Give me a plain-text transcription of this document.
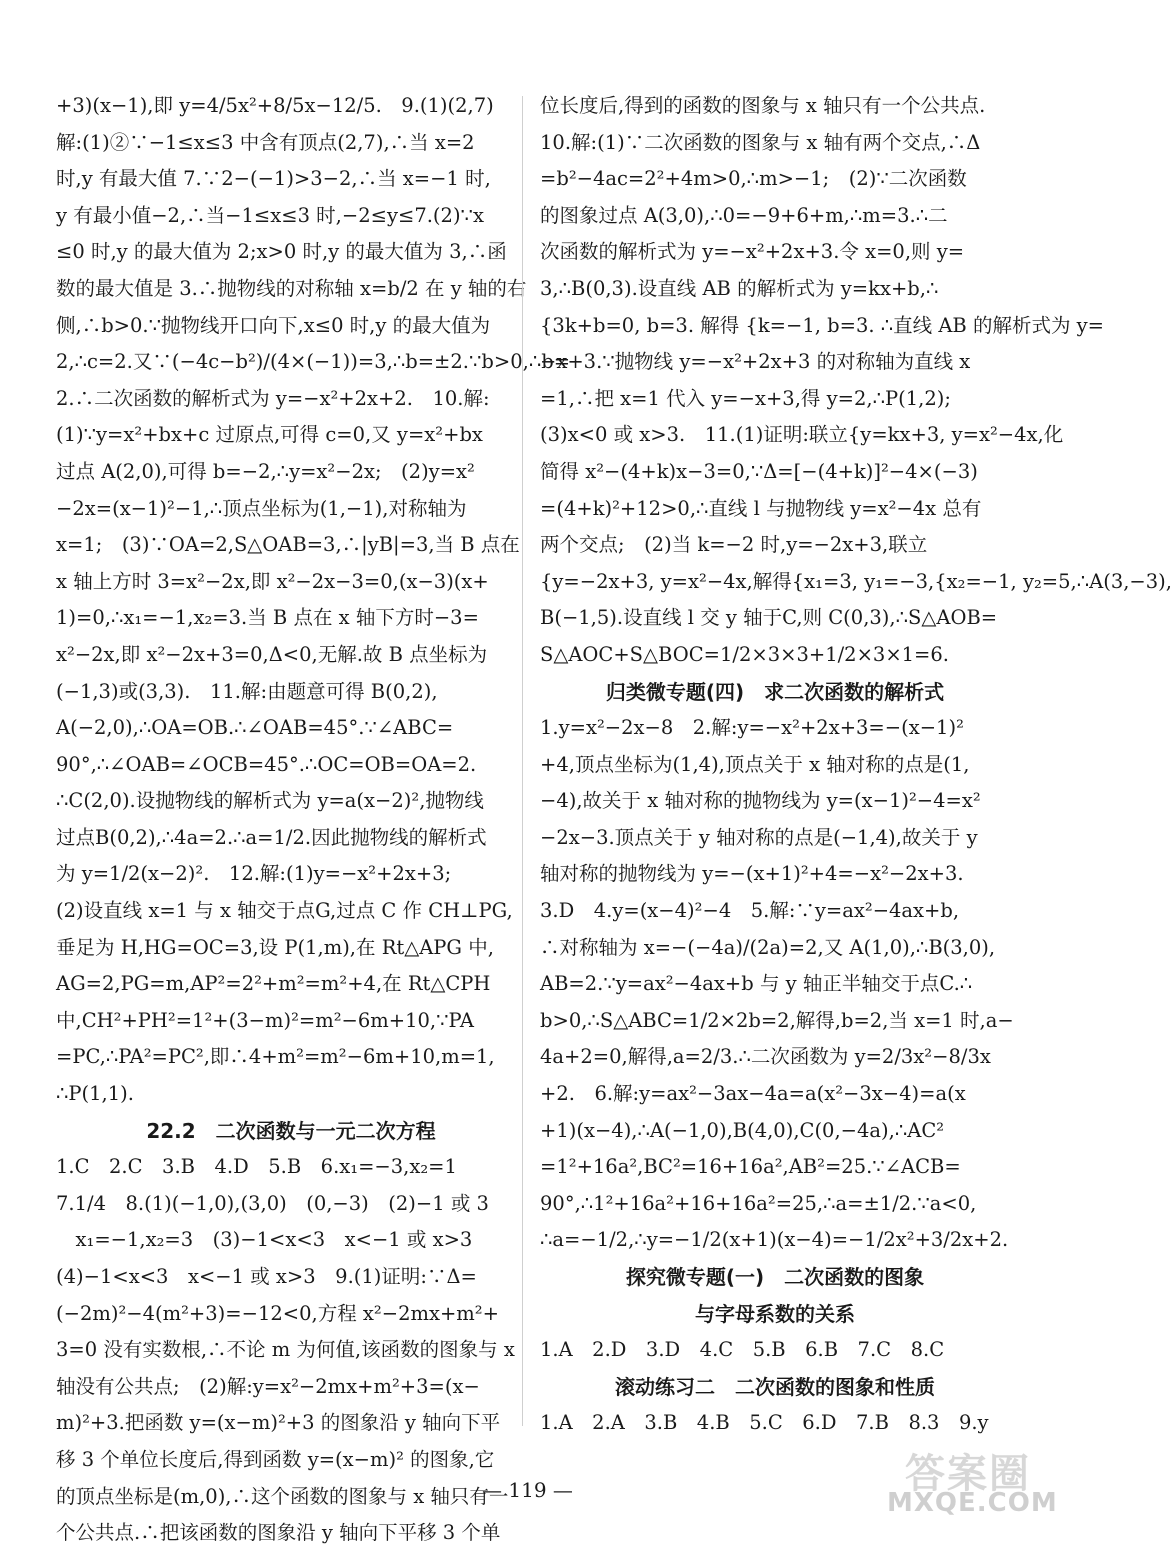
+3)(x−1),即 y=4/5x²+8/5x−12/5.　9.(1)(2,7)
解:(1)②∵−1≤x≤3 中含有顶点(2,7),∴当 x=2
时,y 有最大值 7.∵2−(−1)>3−2,∴当 x=−1 时,
y 有最小值−2,∴当−1≤x≤3 时,−2≤y≤7.(2)∵x
≤0 时,y 的最大值为 2;x>0 时,y 的最大值为 3,∴函
数的最大值是 3.∴抛物线的对称轴 x=b/2 在 y 轴的右
侧,∴b>0.∵抛物线开口向下,x≤0 时,y 的最大值为
2,∴c=2.又∵(−4c−b²)/(4×(−1))=3,∴b=±2.∵b>0,∴b=
2.∴二次函数的解析式为 y=−x²+2x+2.　10.解:
(1)∵y=x²+bx+c 过原点,可得 c=0,又 y=x²+bx
过点 A(2,0),可得 b=−2,∴y=x²−2x;　(2)y=x²
−2x=(x−1)²−1,∴顶点坐标为(1,−1),对称轴为
x=1;　(3)∵OA=2,S△OAB=3,∴|yB|=3,当 B 点在
x 轴上方时 3=x²−2x,即 x²−2x−3=0,(x−3)(x+
1)=0,∴x₁=−1,x₂=3.当 B 点在 x 轴下方时−3=
x²−2x,即 x²−2x+3=0,Δ<0,无解.故 B 点坐标为
(−1,3)或(3,3).　11.解:由题意可得 B(0,2),
A(−2,0),∴OA=OB.∴∠OAB=45°.∵∠ABC=
90°,∴∠OAB=∠OCB=45°.∴OC=OB=OA=2.
∴C(2,0).设抛物线的解析式为 y=a(x−2)²,抛物线
过点B(0,2),∴4a=2.∴a=1/2.因此抛物线的解析式
为 y=1/2(x−2)².　12.解:(1)y=−x²+2x+3;
(2)设直线 x=1 与 x 轴交于点G,过点 C 作 CH⊥PG,
垂足为 H,HG=OC=3,设 P(1,m),在 Rt△APG 中,
AG=2,PG=m,AP²=2²+m²=m²+4,在 Rt△CPH
中,CH²+PH²=1²+(3−m)²=m²−6m+10,∵PA
=PC,∴PA²=PC²,即∴4+m²=m²−6m+10,m=1,
∴P(1,1).
22.2　二次函数与一元二次方程
1.C　2.C　3.B　4.D　5.B　6.x₁=−3,x₂=1
7.1/4　8.(1)(−1,0),(3,0)　(0,−3)　(2)−1 或 3
　x₁=−1,x₂=3　(3)−1<x<3　x<−1 或 x>3
(4)−1<x<3　x<−1 或 x>3　9.(1)证明:∵Δ=
(−2m)²−4(m²+3)=−12<0,方程 x²−2mx+m²+
3=0 没有实数根,∴不论 m 为何值,该函数的图象与 x
轴没有公共点;　(2)解:y=x²−2mx+m²+3=(x−
m)²+3.把函数 y=(x−m)²+3 的图象沿 y 轴向下平
移 3 个单位长度后,得到函数 y=(x−m)² 的图象,它
的顶点坐标是(m,0),∴这个函数的图象与 x 轴只有一
个公共点.∴把该函数的图象沿 y 轴向下平移 3 个单
位长度后,得到的函数的图象与 x 轴只有一个公共点.
10.解:(1)∵二次函数的图象与 x 轴有两个交点,∴Δ
=b²−4ac=2²+4m>0,∴m>−1;　(2)∵二次函数
的图象过点 A(3,0),∴0=−9+6+m,∴m=3.∴二
次函数的解析式为 y=−x²+2x+3.令 x=0,则 y=
3,∴B(0,3).设直线 AB 的解析式为 y=kx+b,∴
{3k+b=0, b=3. 解得 {k=−1, b=3. ∴直线 AB 的解析式为 y=
−x+3.∵抛物线 y=−x²+2x+3 的对称轴为直线 x
=1,∴把 x=1 代入 y=−x+3,得 y=2,∴P(1,2);
(3)x<0 或 x>3.　11.(1)证明:联立{y=kx+3, y=x²−4x,化
简得 x²−(4+k)x−3=0,∵Δ=[−(4+k)]²−4×(−3)
=(4+k)²+12>0,∴直线 l 与抛物线 y=x²−4x 总有
两个交点;　(2)当 k=−2 时,y=−2x+3,联立
{y=−2x+3, y=x²−4x,解得{x₁=3, y₁=−3,{x₂=−1, y₂=5,∴A(3,−3),
B(−1,5).设直线 l 交 y 轴于C,则 C(0,3),∴S△AOB=
S△AOC+S△BOC=1/2×3×3+1/2×3×1=6.
归类微专题(四)　求二次函数的解析式
1.y=x²−2x−8　2.解:y=−x²+2x+3=−(x−1)²
+4,顶点坐标为(1,4),顶点关于 x 轴对称的点是(1,
−4),故关于 x 轴对称的抛物线为 y=(x−1)²−4=x²
−2x−3.顶点关于 y 轴对称的点是(−1,4),故关于 y
轴对称的抛物线为 y=−(x+1)²+4=−x²−2x+3.
3.D　4.y=(x−4)²−4　5.解:∵y=ax²−4ax+b,
∴对称轴为 x=−(−4a)/(2a)=2,又 A(1,0),∴B(3,0),
AB=2.∵y=ax²−4ax+b 与 y 轴正半轴交于点C.∴
b>0,∴S△ABC=1/2×2b=2,解得,b=2,当 x=1 时,a−
4a+2=0,解得,a=2/3.∴二次函数为 y=2/3x²−8/3x
+2.　6.解:y=ax²−3ax−4a=a(x²−3x−4)=a(x
+1)(x−4),∴A(−1,0),B(4,0),C(0,−4a),∴AC²
=1²+16a²,BC²=16+16a²,AB²=25.∵∠ACB=
90°,∴1²+16a²+16+16a²=25,∴a=±1/2.∵a<0,
∴a=−1/2,∴y=−1/2(x+1)(x−4)=−1/2x²+3/2x+2.
探究微专题(一)　二次函数的图象
与字母系数的关系
1.A　2.D　3.D　4.C　5.B　6.B　7.C　8.C
滚动练习二　二次函数的图象和性质
1.A　2.A　3.B　4.B　5.C　6.D　7.B　8.3　9.y
— 119 —	答案圈
MXQE.COM
